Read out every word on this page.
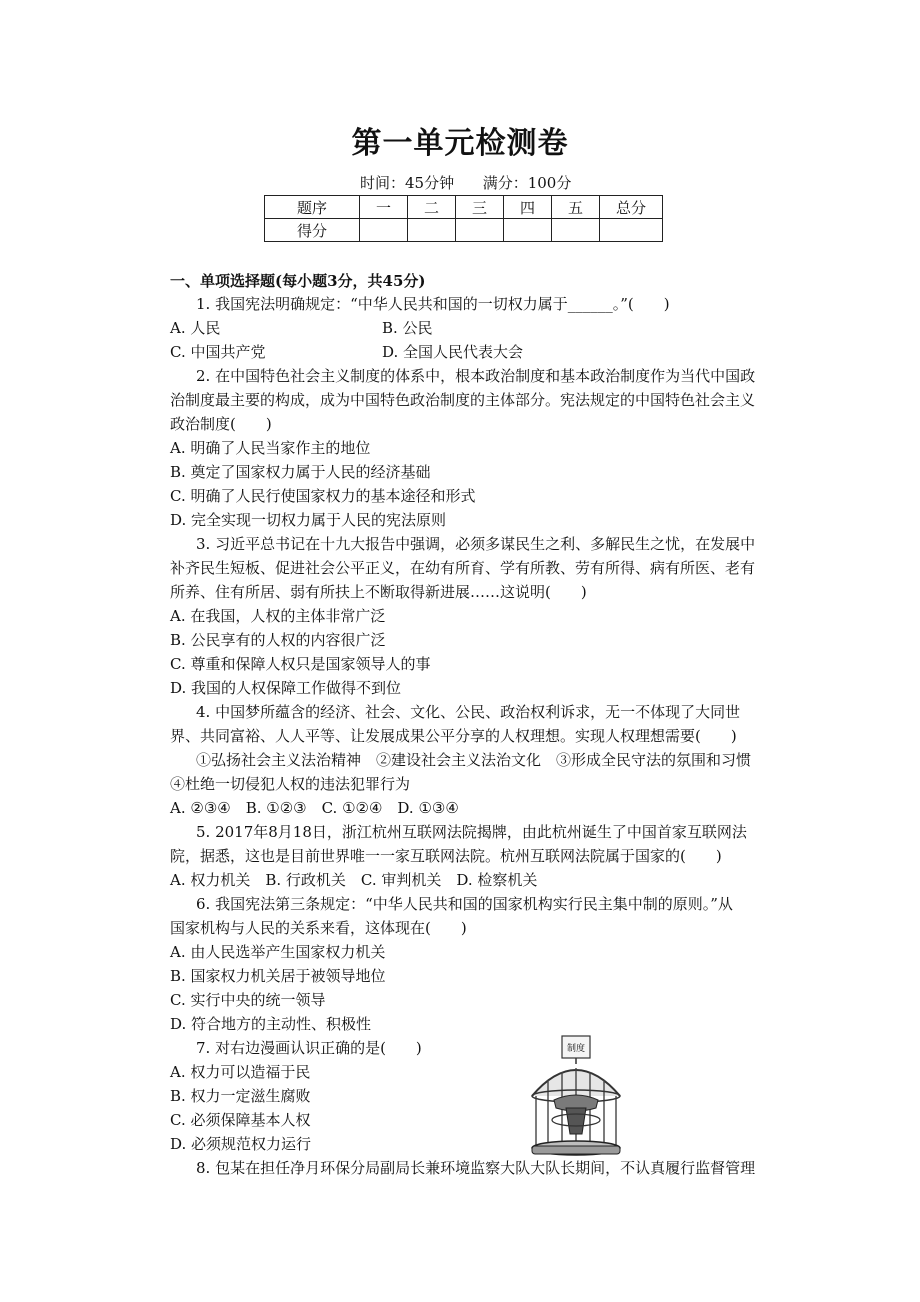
第一单元检测卷
时间：45分钟      满分：100分
题序	一	二	三	四	五	总分
得分						
一、单项选择题(每小题3分，共45分)
1. 我国宪法明确规定：“中华人民共和国的一切权力属于______。”(　　)
A. 人民	B. 公民
C. 中国共产党	D. 全国人民代表大会
2. 在中国特色社会主义制度的体系中，根本政治制度和基本政治制度作为当代中国政
治制度最主要的构成，成为中国特色政治制度的主体部分。宪法规定的中国特色社会主义
政治制度(　　)
A. 明确了人民当家作主的地位
B. 奠定了国家权力属于人民的经济基础
C. 明确了人民行使国家权力的基本途径和形式
D. 完全实现一切权力属于人民的宪法原则
3. 习近平总书记在十九大报告中强调，必须多谋民生之利、多解民生之忧，在发展中
补齐民生短板、促进社会公平正义，在幼有所育、学有所教、劳有所得、病有所医、老有
所养、住有所居、弱有所扶上不断取得新进展……这说明(　　)
A. 在我国，人权的主体非常广泛
B. 公民享有的人权的内容很广泛
C. 尊重和保障人权只是国家领导人的事
D. 我国的人权保障工作做得不到位
4. 中国梦所蕴含的经济、社会、文化、公民、政治权利诉求，无一不体现了大同世
界、共同富裕、人人平等、让发展成果公平分享的人权理想。实现人权理想需要(　　)
①弘扬社会主义法治精神　②建设社会主义法治文化　③形成全民守法的氛围和习惯
④杜绝一切侵犯人权的违法犯罪行为
A. ②③④　B. ①②③　C. ①②④　D. ①③④
5. 2017年8月18日，浙江杭州互联网法院揭牌，由此杭州诞生了中国首家互联网法
院，据悉，这也是目前世界唯一一家互联网法院。杭州互联网法院属于国家的(　　)
A. 权力机关　B. 行政机关　C. 审判机关　D. 检察机关
6. 我国宪法第三条规定：“中华人民共和国的国家机构实行民主集中制的原则。”从
国家机构与人民的关系来看，这体现在(　　)
A. 由人民选举产生国家权力机关
B. 国家权力机关居于被领导地位
C. 实行中央的统一领导
D. 符合地方的主动性、积极性
7. 对右边漫画认识正确的是(　　)
A. 权力可以造福于民
B. 权力一定滋生腐败
C. 必须保障基本人权
D. 必须规范权力运行
8. 包某在担任净月环保分局副局长兼环境监察大队大队长期间，不认真履行监督管理
制度
